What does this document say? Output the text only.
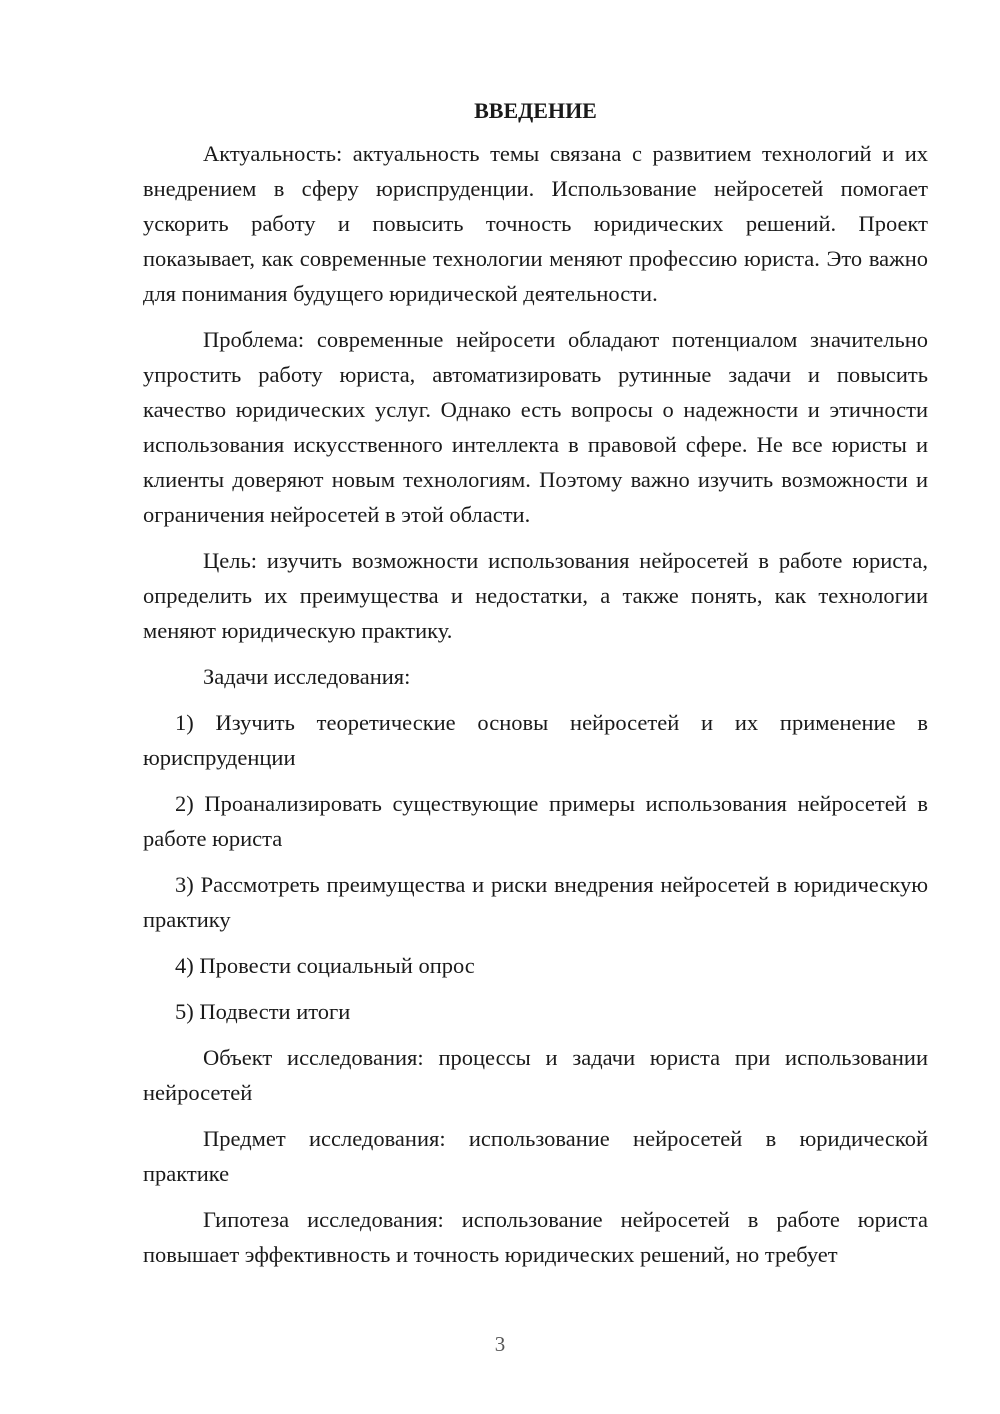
ВВЕДЕНИЕ

Актуальность: актуальность темы связана с развитием технологий и их внедрением в сферу юриспруденции. Использование нейросетей помогает ускорить работу и повысить точность юридических решений. Проект показывает, как современные технологии меняют профессию юриста. Это важно для понимания будущего юридической деятельности.

Проблема: современные нейросети обладают потенциалом значительно упростить работу юриста, автоматизировать рутинные задачи и повысить качество юридических услуг. Однако есть вопросы о надежности и этичности использования искусственного интеллекта в правовой сфере. Не все юристы и клиенты доверяют новым технологиям. Поэтому важно изучить возможности и ограничения нейросетей в этой области.

Цель: изучить возможности использования нейросетей в работе юриста, определить их преимущества и недостатки, а также понять, как технологии меняют юридическую практику.

Задачи исследования:

1) Изучить теоретические основы нейросетей и их применение в юриспруденции

2) Проанализировать существующие примеры использования нейросетей в работе юриста

3) Рассмотреть преимущества и риски внедрения нейросетей в юридическую практику

4) Провести социальный опрос

5) Подвести итоги

Объект исследования: процессы и задачи юриста при использовании нейросетей

Предмет исследования: использование нейросетей в юридической практике

Гипотеза исследования: использование нейросетей в работе юриста повышает эффективность и точность юридических решений, но требует

3
